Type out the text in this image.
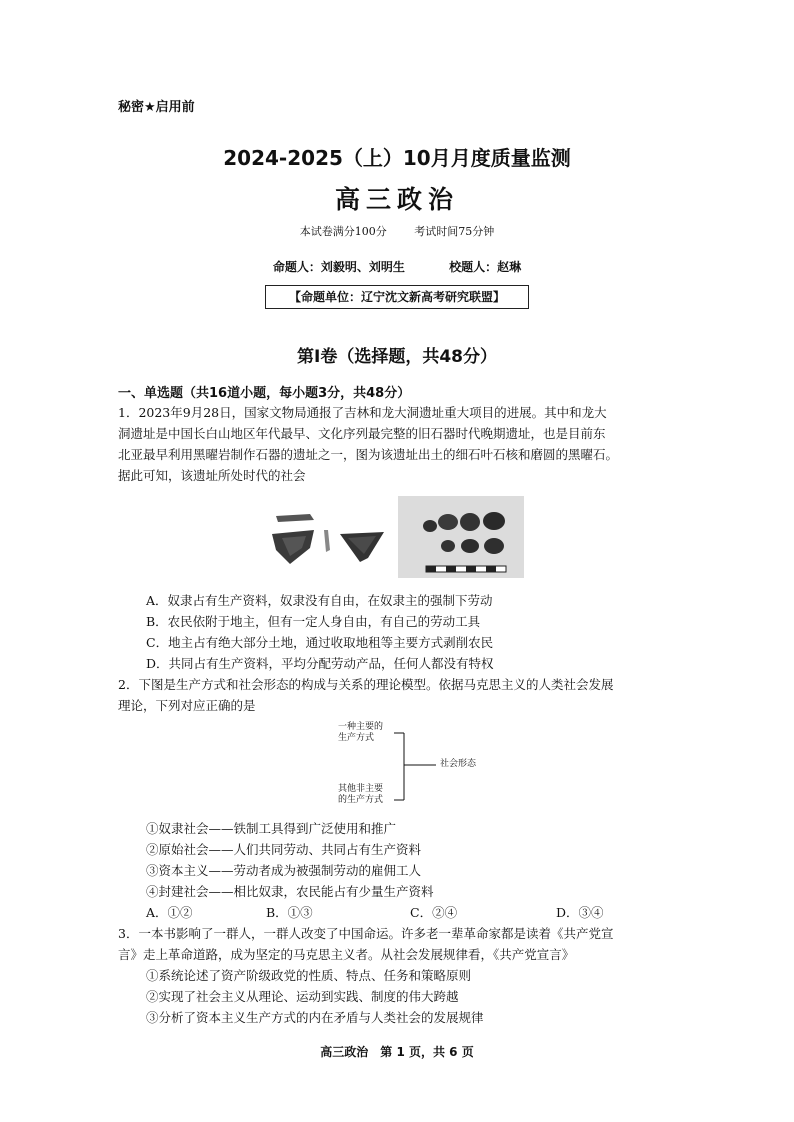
秘密★启用前
2024-2025（上）10月月度质量监测
高三政治
本试卷满分100分	考试时间75分钟
命题人：刘毅明、刘明生	校题人：赵琳
【命题单位：辽宁沈文新高考研究联盟】
第Ⅰ卷（选择题，共48分）
一、单选题（共16道小题，每小题3分，共48分）
1．2023年9月28日，国家文物局通报了吉林和龙大洞遗址重大项目的进展。其中和龙大
洞遗址是中国长白山地区年代最早、文化序列最完整的旧石器时代晚期遗址，也是目前东
北亚最早利用黑曜岩制作石器的遗址之一，图为该遗址出土的细石叶石核和磨圆的黑曜石。
据此可知，该遗址所处时代的社会
A．奴隶占有生产资料，奴隶没有自由，在奴隶主的强制下劳动
B．农民依附于地主，但有一定人身自由，有自己的劳动工具
C．地主占有绝大部分土地，通过收取地租等主要方式剥削农民
D．共同占有生产资料，平均分配劳动产品，任何人都没有特权
2．下图是生产方式和社会形态的构成与关系的理论模型。依据马克思主义的人类社会发展
理论，下列对应正确的是
一种主要的
生产方式
其他非主要
的生产方式
社会形态
①奴隶社会——铁制工具得到广泛使用和推广
②原始社会——人们共同劳动、共同占有生产资料
③资本主义——劳动者成为被强制劳动的雇佣工人
④封建社会——相比奴隶，农民能占有少量生产资料
A．①②	B．①③	C．②④	D．③④
3．一本书影响了一群人，一群人改变了中国命运。许多老一辈革命家都是读着《共产党宣
言》走上革命道路，成为坚定的马克思主义者。从社会发展规律看，《共产党宣言》
①系统论述了资产阶级政党的性质、特点、任务和策略原则
②实现了社会主义从理论、运动到实践、制度的伟大跨越
③分析了资本主义生产方式的内在矛盾与人类社会的发展规律
高三政治　第 1 页，共 6 页
